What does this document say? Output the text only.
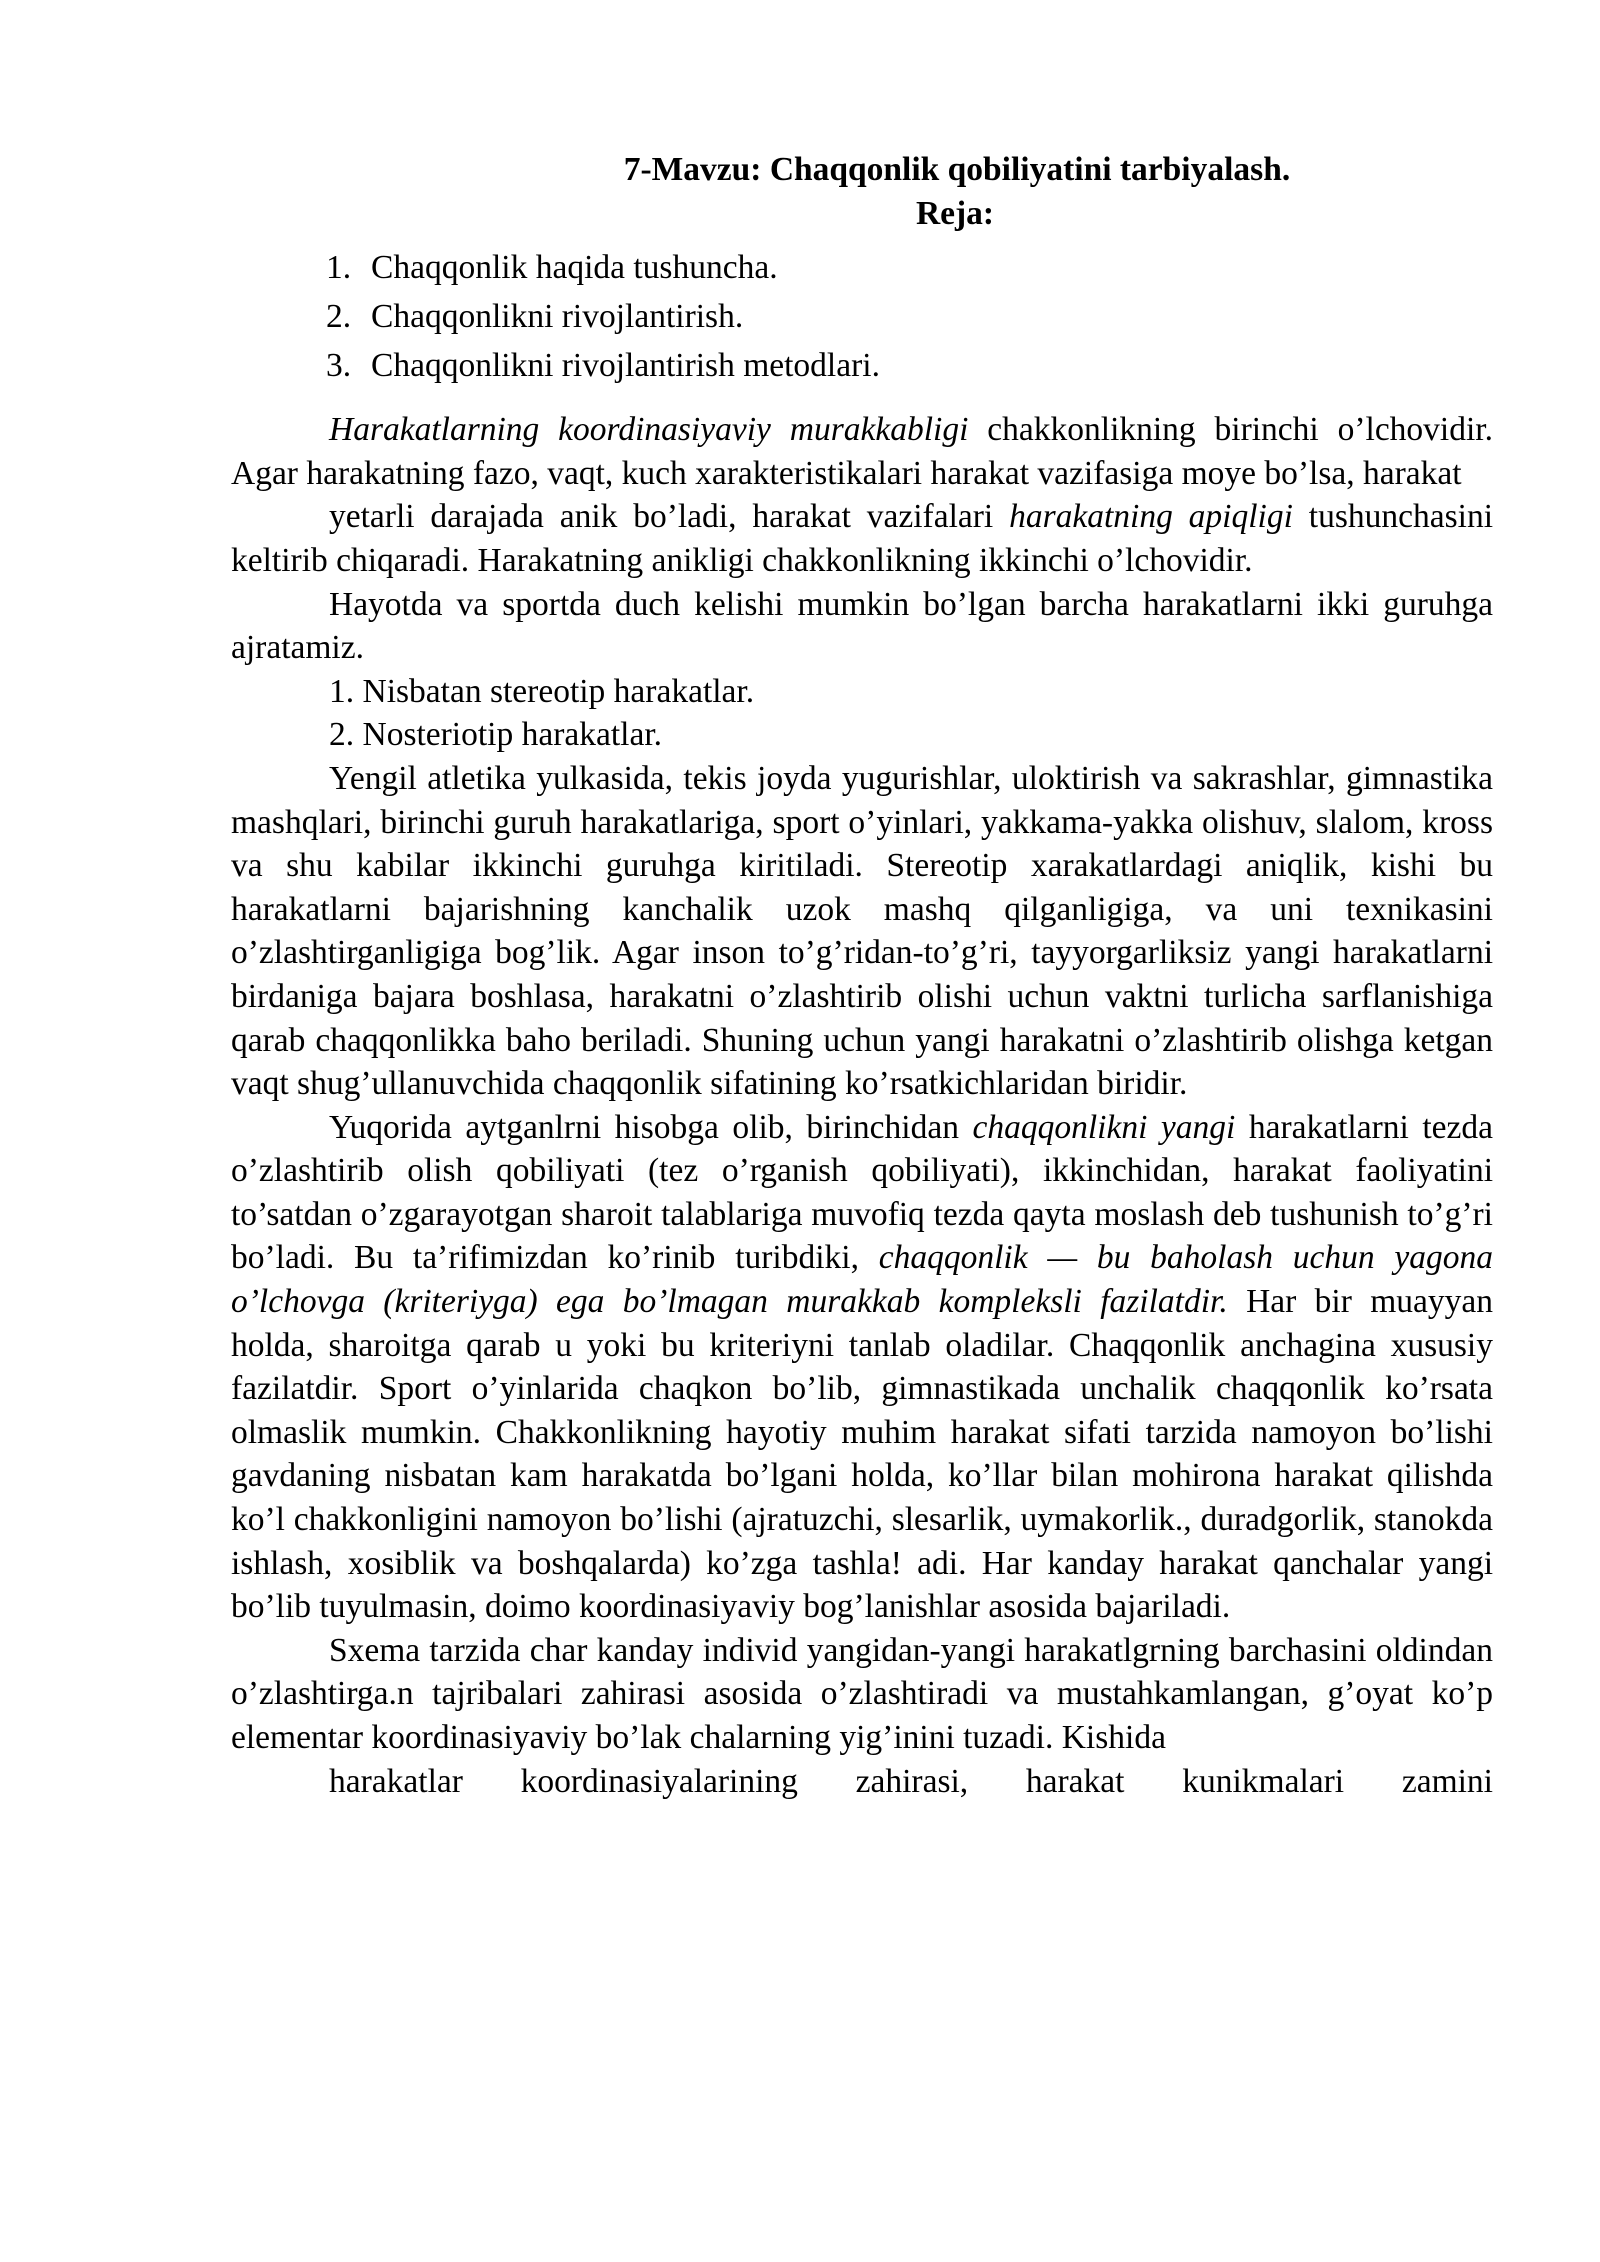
7-Mavzu: Chaqqonlik qobiliyatini tarbiyalash.
Reja:
1. Chaqqonlik haqida tushuncha.
2. Chaqqonlikni rivojlantirish.
3. Chaqqonlikni rivojlantirish metodlari.

Harakatlarning koordinasiyaviy murakkabligi chakkonlikning birinchi o’lchovidir. Agar harakatning fazo, vaqt, kuch xarakteristikalari harakat vazifasiga moye bo’lsa, harakat

yetarli darajada anik bo’ladi, harakat vazifalari harakatning apiqligi tushunchasini keltirib chiqaradi. Harakatning anikligi chakkonlikning ikkinchi o’lchovidir.

Hayotda va sportda duch kelishi mumkin bo’lgan barcha harakatlarni ikki guruhga ajratamiz.

1. Nisbatan stereotip harakatlar.

2. Nosteriotip harakatlar.

Yengil atletika yulkasida, tekis joyda yugurishlar, uloktirish va sakrashlar, gimnastika mashqlari, birinchi guruh harakatlariga, sport o’yinlari, yakkama-yakka olishuv, slalom, kross va shu kabilar ikkinchi guruhga kiritiladi. Stereotip xarakatlardagi aniqlik, kishi bu harakatlarni bajarishning kanchalik uzok mashq qilganligiga, va uni texnikasini o’zlashtirganligiga bog’lik. Agar inson to’g’ridan-to’g’ri, tayyorgarliksiz yangi harakatlarni birdaniga bajara boshlasa, harakatni o’zlashtirib olishi uchun vaktni turlicha sarflanishiga qarab chaqqonlikka baho beriladi. Shuning uchun yangi harakatni o’zlashtirib olishga ketgan vaqt shug’ullanuvchida chaqqonlik sifatining ko’rsatkichlaridan biridir.

Yuqorida aytganlrni hisobga olib, birinchidan chaqqonlikni yangi harakatlarni tezda o’zlashtirib olish qobiliyati (tez o’rganish qobiliyati), ikkinchidan, harakat faoliyatini to’satdan o’zgarayotgan sharoit talablariga muvofiq tezda qayta moslash deb tushunish to’g’ri bo’ladi. Bu ta’rifimizdan ko’rinib turibdiki, chaqqonlik — bu baholash uchun yagona o’lchovga (kriteriyga) ega bo’lmagan murakkab kompleksli fazilatdir. Har bir muayyan holda, sharoitga qarab u yoki bu kriteriyni tanlab oladilar. Chaqqonlik anchagina xususiy fazilatdir. Sport o’yinlarida chaqkon bo’lib, gimnastikada unchalik chaqqonlik ko’rsata olmaslik mumkin. Chakkonlikning hayotiy muhim harakat sifati tarzida namoyon bo’lishi gavdaning nisbatan kam harakatda bo’lgani holda, ko’llar bilan mohirona harakat qilishda ko’l chakkonligini namoyon bo’lishi (ajratuzchi, slesarlik, uymakorlik., duradgorlik, stanokda ishlash, xosiblik va boshqalarda) ko’zga tashla! adi. Har kanday harakat qanchalar yangi bo’lib tuyulmasin, doimo koordinasiyaviy bog’lanishlar asosida bajariladi.

Sxema tarzida char kanday individ yangidan-yangi harakatlgrning barchasini oldindan o’zlashtirga.n tajribalari zahirasi asosida o’zlashtiradi va mustahkamlangan, g’oyat ko’p elementar koordinasiyaviy bo’lak chalarning yig’inini tuzadi. Kishida

harakatlar koordinasiyalarining zahirasi, harakat kunikmalari zamini
